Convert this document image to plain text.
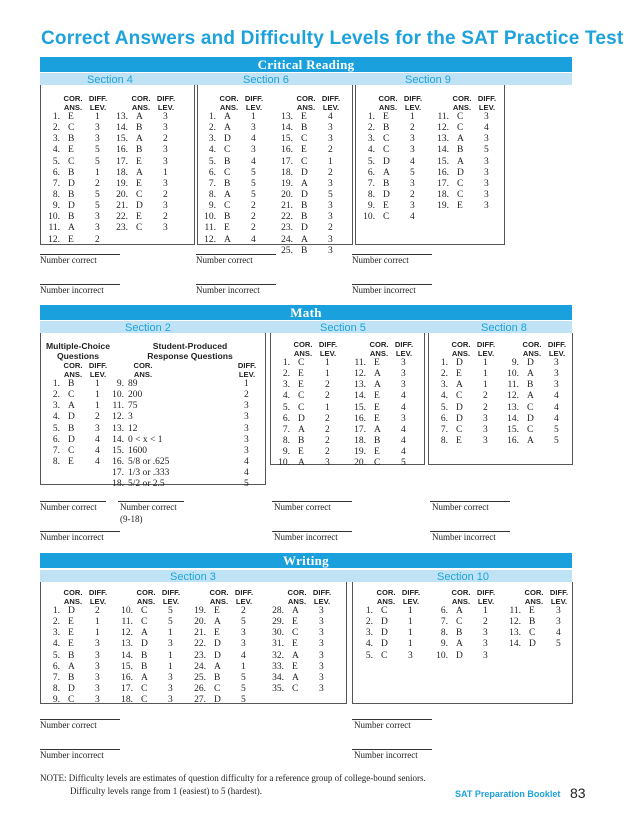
Correct Answers and Difficulty Levels for the SAT Practice Test
Critical Reading
Section 4	Section 6	Section 9
COR.
ANS.
DIFF.
LEV.
1. E 1
2. C 3
3. B 3
4. E 5
5. C 5
6. B 1
7. D 2
8. B 5
9. D 5
10. B 3
11. A 3
12. E 2
COR.
ANS.
DIFF.
LEV.
13. A 3
14. B 3
15. A 2
16. B 3
17. E 3
18. A 1
19. E 3
20. C 2
21. D 3
22. E 2
23. C 3
COR.
ANS.
DIFF.
LEV.
1. A 1
2. A 3
3. D 4
4. C 3
5. B 4
6. C 5
7. B 5
8. A 5
9. C 2
10. B 2
11. E 2
12. A 4
COR.
ANS.
DIFF.
LEV.
13. E 4
14. B 3
15. C 3
16. E 2
17. C 1
18. D 2
19. A 3
20. D 5
21. B 3
22. B 3
23. D 2
24. A 3
25. B 3
COR.
ANS.
DIFF.
LEV.
1. E 1
2. B 2
3. C 3
4. C 3
5. D 4
6. A 5
7. B 3
8. D 2
9. E 3
10. C 4
COR.
ANS.
DIFF.
LEV.
11. C 3
12. C 4
13. A 3
14. B 5
15. A 3
16. D 3
17. C 3
18. C 3
19. E 3
Number correct
Number incorrect
Number correct
Number incorrect
Number correct
Number incorrect
Math
Section 2	Section 5	Section 8
Multiple-Choice Questions
Student-Produced Response Questions
COR.
ANS.
DIFF.
LEV.
1. B 1
2. C 1
3. A 1
4. D 2
5. B 3
6. D 4
7. C 4
8. E 4
COR.
ANS.
DIFF.
LEV.
9. 89	1
10. 200	2
11. 75	3
12. 3	3
13. 12	3
14. 0 < x < 1	3
15. 1600	3
16. 5/8 or .625	4
17. 1/3 or .333	4
18. 5/2 or 2.5	5
COR.
ANS.
DIFF.
LEV.
1. C 1
2. E 1
3. E 2
4. C 2
5. C 1
6. D 2
7. A 2
8. B 2
9. E 2
10. A 3
COR.
ANS.
DIFF.
LEV.
11. E 3
12. A 3
13. A 3
14. E 4
15. E 4
16. E 3
17. A 4
18. B 4
19. E 4
20. C 5
COR.
ANS.
DIFF.
LEV.
1. D 1
2. E 1
3. A 1
4. C 2
5. D 2
6. D 3
7. C 3
8. E 3
COR.
ANS.
DIFF.
LEV.
9. D 3
10. A 3
11. B 3
12. A 4
13. C 4
14. D 4
15. C 5
16. A 5
Number correct	Number correct
(9-18)
Number incorrect
Number correct
Number incorrect
Number correct
Number incorrect
Writing
Section 3	Section 10
COR.
ANS.
DIFF.
LEV.
1. D 2
2. E 1
3. E 1
4. E 3
5. B 3
6. A 3
7. B 3
8. D 3
9. C 3
COR.
ANS.
DIFF.
LEV.
10. C 5
11. C 5
12. A 1
13. D 3
14. B 1
15. B 1
16. A 3
17. C 3
18. C 3
COR.
ANS.
DIFF.
LEV.
19. E 2
20. A 5
21. E 3
22. D 3
23. D 4
24. A 1
25. B 5
26. C 5
27. D 5
COR.
ANS.
DIFF.
LEV.
28. A 3
29. E 3
30. C 3
31. E 3
32. A 3
33. E 3
34. A 3
35. C 3
COR.
ANS.
DIFF.
LEV.
1. C 1
2. D 1
3. D 1
4. D 1
5. C 3
COR.
ANS.
DIFF.
LEV.
6. A 1
7. C 2
8. B 3
9. A 3
10. D 3
COR.
ANS.
DIFF.
LEV.
11. E 3
12. B 3
13. C 4
14. D 5
Number correct
Number incorrect
Number correct
Number incorrect
NOTE: Difficulty levels are estimates of question difficulty for a reference group of college-bound seniors.
Difficulty levels range from 1 (easiest) to 5 (hardest).	SAT Preparation Booklet 83
